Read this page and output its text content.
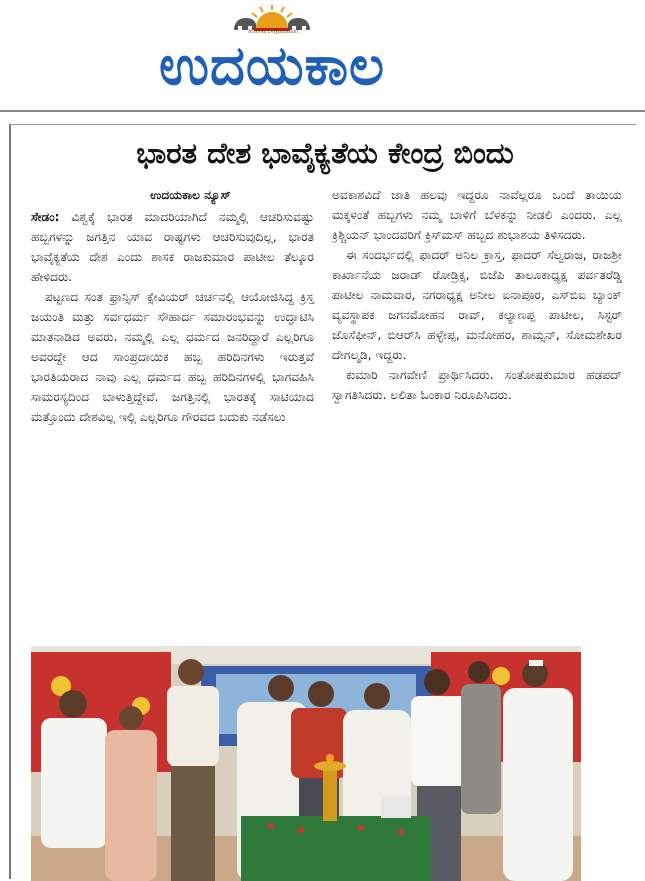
Nimmā Dhyānadalli
ಉದಯಕಾಲ
ಭಾರತ ದೇಶ ಭಾವೈಕ್ಯತೆಯ ಕೇಂದ್ರ ಬಿಂದು
ಉದಯಕಾಲ ನ್ಯೂಸ್

ಸೇಡಂ: ವಿಶ್ವಕ್ಕೆ ಭಾರತ ಮಾದರಿಯಾಗಿದೆ ನಮ್ಮಲ್ಲಿ ಆಚರಿಸುವಷ್ಟು ಹಬ್ಬಗಳನ್ನು ಜಗತ್ತಿನ ಯಾವ ರಾಷ್ಟಗಳು ಆಚರಿಸುವುದಿಲ್ಲ, ಭಾರತ ಭಾವೈಕ್ಯತೆಯ ದೇಶ ಎಂದು ಶಾಸಕ ರಾಜಕುಮಾರ ಪಾಟೀಲ ತೆಲ್ಕೂರ ಹೇಳಿದರು.

ಪಟ್ಟಣದ ಸಂತ ಫ್ರಾನ್ಸಿಸ್ ಕ್ಸೇವಿಯರ್ ಚರ್ಚನಲ್ಲಿ ಆಯೋಜಿಸಿದ್ದ ಕ್ರಿಸ್ತ ಜಯಂತಿ ಮತ್ತು ಸರ್ವಧರ್ಮ ಸೌಹಾರ್ದ ಸಮಾರಂಭವನ್ನು ಉದ್ಘಾಟಿಸಿ ಮಾತನಾಡಿದ ಅವರು. ನಮ್ಮಲ್ಲಿ ಎಲ್ಲ ಧರ್ಮದ ಜನರಿದ್ದಾರೆ ಎಲ್ಲರಿಗೂ ಅವರದ್ದೇ ಆದ ಸಾಂಪ್ರದಾಯಿಕ ಹಬ್ಬ ಹರಿದಿನಗಳು ಇರುತ್ತವೆ ಭಾರತಿಯರಾದ ನಾವು ಎಲ್ಲ ಧರ್ಮದ ಹಬ್ಬ ಹರಿದಿನಗಳಲ್ಲಿ ಭಾಗವಹಿಸಿ ಸಾಮರಸ್ಯದಿಂದ ಬಾಳುತ್ತಿದ್ದೇವೆ. ಜಗತ್ತಿನಲ್ಲಿ ಭಾರತಕ್ಕೆ ಸಾಟಿಯಾದ ಮತ್ತೊಂದು ದೇಶವಿಲ್ಲ ಇಲ್ಲಿ ಎಲ್ಲರಿಗೂ ಗೌರವದ ಬದುಕು ನಡೆಸಲು

ಅವಕಾಶವಿದೆ ಜಾತಿ ಹಲವು ಇದ್ದರೂ ನಾವೆಲ್ಲರೂ ಒಂದೆ ತಾಯಿಯ ಮಕ್ಕಳಂತೆ ಹಬ್ಬಗಳು ನಮ್ಮ ಬಾಳಿಗೆ ಬೆಳಕನ್ನು ನೀಡಲಿ ಎಂದರು. ಎಲ್ಲ ಕ್ರಿಶ್ಚಿಯನ್ ಭಾಂದವರಿಗೆ ಕ್ರಿಸ್‌ಮಸ್ ಹಬ್ಬದ ಶುಭಾಶಯ ತಿಳಿಸದರು.

ಈ ಸಂದರ್ಭದಲ್ಲಿ ಫಾದರ್ ಅನಿಲ ಕ್ರಾಸ್ತ, ಫಾದರ್ ಸೆಲ್ವರಾಜ, ರಾಜಶ್ರೀ ಕಾರ್ಖಾನೆಯ ಜರಾಡ್ ರೋಡ್ರಿಕ್ಸ, ಬಿಜೆಪಿ ತಾಲೂಕಾಧ್ಯಕ್ಷ ಪರ್ವತರೆಡ್ಡಿ ಪಾಟೀಲ ನಾಮವಾರ, ನಗರಾಧ್ಯಕ್ಷ ಅನೀಲ ಐನಾಪೂರ, ಎಸ್‌ಬಿಐ ಬ್ಯಾಂಕ್ ವ್ಯವಸ್ಥಾಪಕ ಜಗನಮೋಹನ ರಾವ್, ಕಲ್ಯಾಣಪ್ಪ ಪಾಟೀಲ, ಸಿಸ್ಟರ್ ಜೊಸೆಫೀನ್, ಬಿಆರ್‌ಸಿ ಹಳ್ಳೇಪ್ಪ, ಮನೋಹರ, ಶಾಮ್ಸನ್, ಸೋಮಶೇಖರ ದೇಗಲ್ಮಡಿ, ಇದ್ದರು.

ಕುಮಾರಿ ನಾಗವೇಣಿ ಪ್ರಾರ್ಥಿಸಿದರು. ಸಂತೋಷಕುಮಾರ ಹಡಪದ್ ಸ್ವಾಗತಿಸಿದರು. ಲಲಿತಾ ಓಂಕಾರ ನಿರೂಪಿಸಿದರು.
